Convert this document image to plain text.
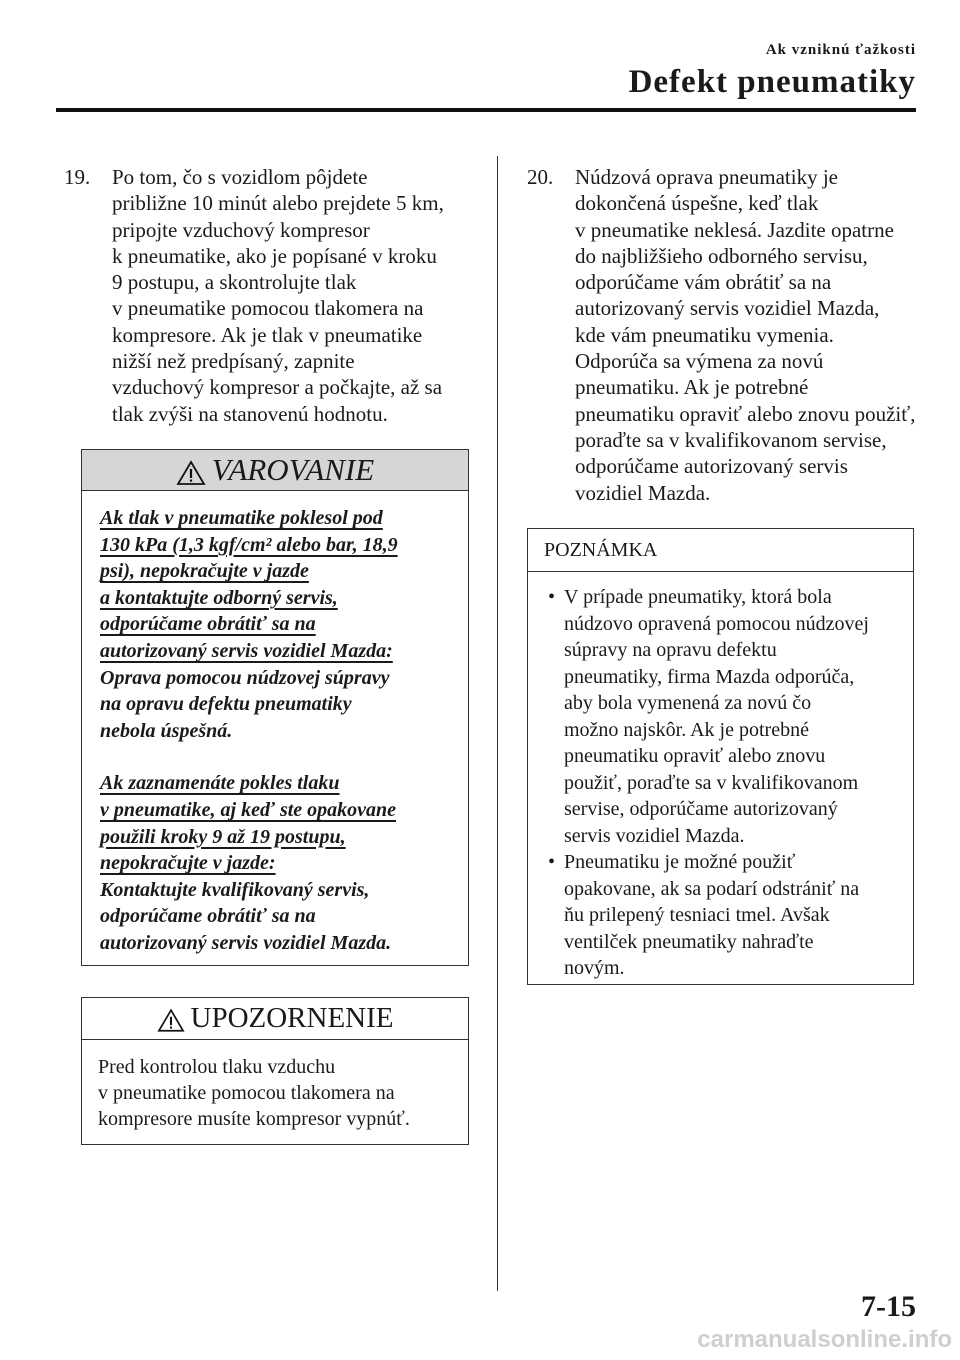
Ak vzniknú ťažkosti
Defekt pneumatiky
19. Po tom, čo s vozidlom pôjdete
približne 10 minút alebo prejdete 5 km,
pripojte vzduchový kompresor
k pneumatike, ako je popísané v kroku
9 postupu, a skontrolujte tlak
v pneumatike pomocou tlakomera na
kompresore. Ak je tlak v pneumatike
nižší než predpísaný, zapnite
vzduchový kompresor a počkajte, až sa
tlak zvýši na stanovenú hodnotu.
VAROVANIE
Ak tlak v pneumatike poklesol pod
130 kPa (1,3 kgf/cm² alebo bar, 18,9
psi), nepokračujte v jazde
a kontaktujte odborný servis,
odporúčame obrátiť sa na
autorizovaný servis vozidiel Mazda:
Oprava pomocou núdzovej súpravy
na opravu defektu pneumatiky
nebola úspešná.
Ak zaznamenáte pokles tlaku
v pneumatike, aj keď ste opakovane
použili kroky 9 až 19 postupu,
nepokračujte v jazde:
Kontaktujte kvalifikovaný servis,
odporúčame obrátiť sa na
autorizovaný servis vozidiel Mazda.
UPOZORNENIE
Pred kontrolou tlaku vzduchu
v pneumatike pomocou tlakomera na
kompresore musíte kompresor vypnúť.
20. Núdzová oprava pneumatiky je
dokončená úspešne, keď tlak
v pneumatike neklesá. Jazdite opatrne
do najbližšieho odborného servisu,
odporúčame vám obrátiť sa na
autorizovaný servis vozidiel Mazda,
kde vám pneumatiku vymenia.
Odporúča sa výmena za novú
pneumatiku. Ak je potrebné
pneumatiku opraviť alebo znovu použiť,
poraďte sa v kvalifikovanom servise,
odporúčame autorizovaný servis
vozidiel Mazda.
POZNÁMKA
• V prípade pneumatiky, ktorá bola
núdzovo opravená pomocou núdzovej
súpravy na opravu defektu
pneumatiky, firma Mazda odporúča,
aby bola vymenená za novú čo
možno najskôr. Ak je potrebné
pneumatiku opraviť alebo znovu
použiť, poraďte sa v kvalifikovanom
servise, odporúčame autorizovaný
servis vozidiel Mazda.
• Pneumatiku je možné použiť
opakovane, ak sa podarí odstrániť na
ňu prilepený tesniaci tmel. Avšak
ventilček pneumatiky nahraďte
novým.
7-15
carmanualsonline.info
